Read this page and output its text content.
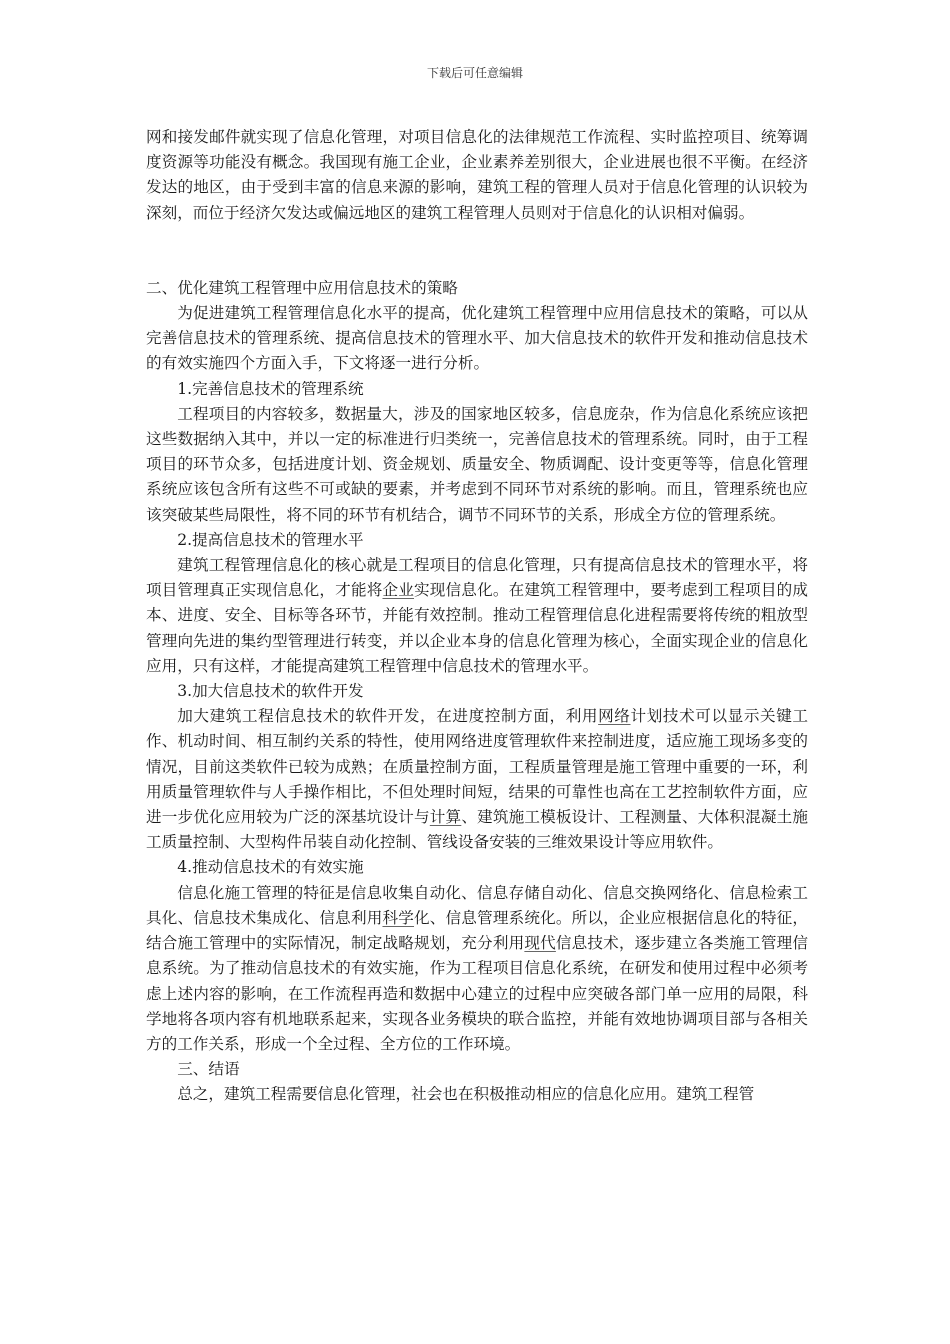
下载后可任意编辑

网和接发邮件就实现了信息化管理，对项目信息化的法律规范工作流程、实时监控项目、统筹调度资源等功能没有概念。我国现有施工企业，企业素养差别很大，企业进展也很不平衡。在经济发达的地区，由于受到丰富的信息来源的影响，建筑工程的管理人员对于信息化管理的认识较为深刻，而位于经济欠发达或偏远地区的建筑工程管理人员则对于信息化的认识相对偏弱。

二、优化建筑工程管理中应用信息技术的策略

为促进建筑工程管理信息化水平的提高，优化建筑工程管理中应用信息技术的策略，可以从完善信息技术的管理系统、提高信息技术的管理水平、加大信息技术的软件开发和推动信息技术的有效实施四个方面入手，下文将逐一进行分析。

1.完善信息技术的管理系统

工程项目的内容较多，数据量大，涉及的国家地区较多，信息庞杂，作为信息化系统应该把这些数据纳入其中，并以一定的标准进行归类统一，完善信息技术的管理系统。同时，由于工程项目的环节众多，包括进度计划、资金规划、质量安全、物质调配、设计变更等等，信息化管理系统应该包含所有这些不可或缺的要素，并考虑到不同环节对系统的影响。而且，管理系统也应该突破某些局限性，将不同的环节有机结合，调节不同环节的关系，形成全方位的管理系统。

2.提高信息技术的管理水平

建筑工程管理信息化的核心就是工程项目的信息化管理，只有提高信息技术的管理水平，将项目管理真正实现信息化，才能将企业实现信息化。在建筑工程管理中，要考虑到工程项目的成本、进度、安全、目标等各环节，并能有效控制。推动工程管理信息化进程需要将传统的粗放型管理向先进的集约型管理进行转变，并以企业本身的信息化管理为核心，全面实现企业的信息化应用，只有这样，才能提高建筑工程管理中信息技术的管理水平。

3.加大信息技术的软件开发

加大建筑工程信息技术的软件开发，在进度控制方面，利用网络计划技术可以显示关键工作、机动时间、相互制约关系的特性，使用网络进度管理软件来控制进度，适应施工现场多变的情况，目前这类软件已较为成熟；在质量控制方面，工程质量管理是施工管理中重要的一环，利用质量管理软件与人手操作相比，不但处理时间短，结果的可靠性也高在工艺控制软件方面，应进一步优化应用较为广泛的深基坑设计与计算、建筑施工模板设计、工程测量、大体积混凝土施工质量控制、大型构件吊装自动化控制、管线设备安装的三维效果设计等应用软件。

4.推动信息技术的有效实施

信息化施工管理的特征是信息收集自动化、信息存储自动化、信息交换网络化、信息检索工具化、信息技术集成化、信息利用科学化、信息管理系统化。所以，企业应根据信息化的特征，结合施工管理中的实际情况，制定战略规划，充分利用现代信息技术，逐步建立各类施工管理信息系统。为了推动信息技术的有效实施，作为工程项目信息化系统，在研发和使用过程中必须考虑上述内容的影响，在工作流程再造和数据中心建立的过程中应突破各部门单一应用的局限，科学地将各项内容有机地联系起来，实现各业务模块的联合监控，并能有效地协调项目部与各相关方的工作关系，形成一个全过程、全方位的工作环境。

三、结语

总之，建筑工程需要信息化管理，社会也在积极推动相应的信息化应用。建筑工程管
